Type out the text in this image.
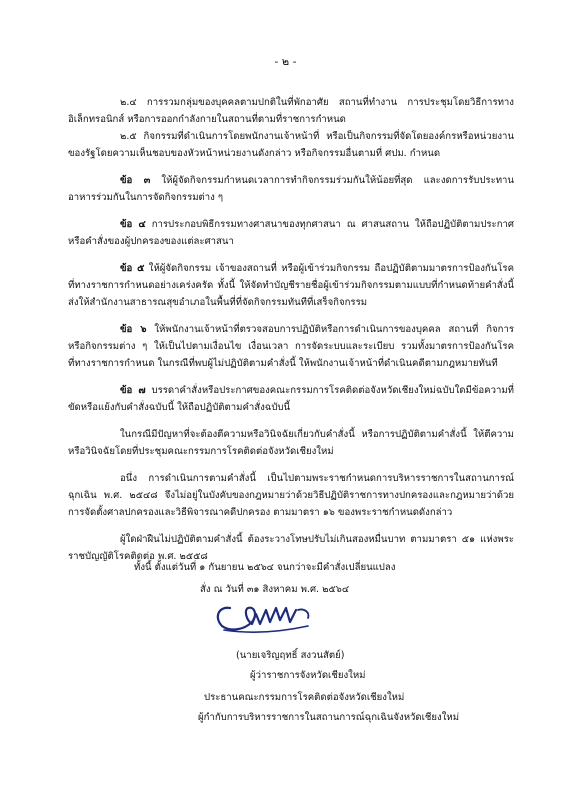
- ๒ -

๒.๔ การรวมกลุ่มของบุคคลตามปกติในที่พักอาศัย สถานที่ทำงาน การประชุมโดยวิธีการทางอิเล็กทรอนิกส์ หรือการออกกำลังกายในสถานที่ตามที่ราชการกำหนด

๒.๕ กิจกรรมที่ดำเนินการโดยพนักงานเจ้าหน้าที่ หรือเป็นกิจกรรมที่จัดโดยองค์กรหรือหน่วยงานของรัฐโดยความเห็นชอบของหัวหน้าหน่วยงานดังกล่าว หรือกิจกรรมอื่นตามที่ ศปม. กำหนด

ข้อ ๓ ให้ผู้จัดกิจกรรมกำหนดเวลาการทำกิจกรรมร่วมกันให้น้อยที่สุด และงดการรับประทานอาหารร่วมกันในการจัดกิจกรรมต่าง ๆ

ข้อ ๔ การประกอบพิธีกรรมทางศาสนาของทุกศาสนา ณ ศาสนสถาน ให้ถือปฏิบัติตามประกาศหรือคำสั่งของผู้ปกครองของแต่ละศาสนา

ข้อ ๕ ให้ผู้จัดกิจกรรม เจ้าของสถานที่ หรือผู้เข้าร่วมกิจกรรม ถือปฏิบัติตามมาตรการป้องกันโรคที่ทางราชการกำหนดอย่างเคร่งครัด ทั้งนี้ ให้จัดทำบัญชีรายชื่อผู้เข้าร่วมกิจกรรมตามแบบที่กำหนดท้ายคำสั่งนี้ ส่งให้สำนักงานสาธารณสุขอำเภอในพื้นที่ที่จัดกิจกรรมทันทีที่เสร็จกิจกรรม

ข้อ ๖ ให้พนักงานเจ้าหน้าที่ตรวจสอบการปฏิบัติหรือการดำเนินการของบุคคล สถานที่ กิจการ หรือกิจกรรมต่าง ๆ ให้เป็นไปตามเงื่อนไข เงื่อนเวลา การจัดระบบและระเบียบ รวมทั้งมาตรการป้องกันโรคที่ทางราชการกำหนด ในกรณีที่พบผู้ไม่ปฏิบัติตามคำสั่งนี้ ให้พนักงานเจ้าหน้าที่ดำเนินคดีตามกฎหมายทันที

ข้อ ๗ บรรดาคำสั่งหรือประกาศของคณะกรรมการโรคติดต่อจังหวัดเชียงใหม่ฉบับใดมีข้อความที่ขัดหรือแย้งกับคำสั่งฉบับนี้ ให้ถือปฏิบัติตามคำสั่งฉบับนี้

ในกรณีมีปัญหาที่จะต้องตีความหรือวินิจฉัยเกี่ยวกับคำสั่งนี้ หรือการปฏิบัติตามคำสั่งนี้ ให้ตีความหรือวินิจฉัยโดยที่ประชุมคณะกรรมการโรคติดต่อจังหวัดเชียงใหม่

อนึ่ง การดำเนินการตามคำสั่งนี้ เป็นไปตามพระราชกำหนดการบริหารราชการในสถานการณ์ฉุกเฉิน พ.ศ. ๒๕๔๘ จึงไม่อยู่ในบังคับของกฎหมายว่าด้วยวิธีปฏิบัติราชการทางปกครองและกฎหมายว่าด้วยการจัดตั้งศาลปกครองและวิธีพิจารณาคดีปกครอง ตามมาตรา ๑๖ ของพระราชกำหนดดังกล่าว

ผู้ใดฝ่าฝืนไม่ปฏิบัติตามคำสั่งนี้ ต้องระวางโทษปรับไม่เกินสองหมื่นบาท ตามมาตรา ๕๑ แห่งพระราชบัญญัติโรคติดต่อ พ.ศ. ๒๕๕๘

ทั้งนี้ ตั้งแต่วันที่ ๑ กันยายน ๒๕๖๔ จนกว่าจะมีคำสั่งเปลี่ยนแปลง
สั่ง ณ วันที่ ๓๑ สิงหาคม พ.ศ. ๒๕๖๔
(นายเจริญฤทธิ์ สงวนสัตย์)
ผู้ว่าราชการจังหวัดเชียงใหม่
ประธานคณะกรรมการโรคติดต่อจังหวัดเชียงใหม่
ผู้กำกับการบริหารราชการในสถานการณ์ฉุกเฉินจังหวัดเชียงใหม่
